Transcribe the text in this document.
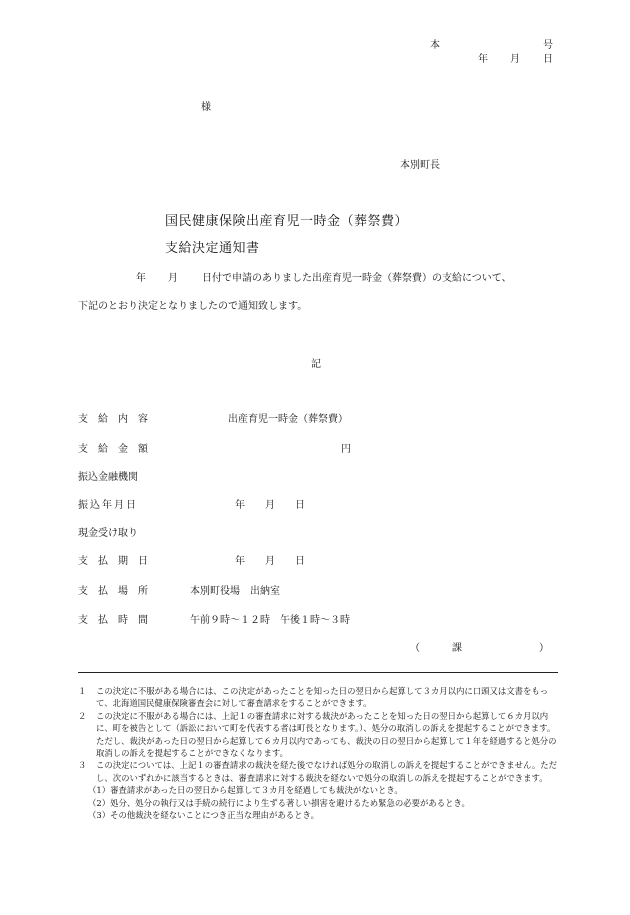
本	号
年 月 日
様
本別町長
国民健康保険出産育児一時金（葬祭費）
支給決定通知書
年 月 日付で申請のありました出産育児一時金（葬祭費）の支給について、
下記のとおり決定となりましたので通知致します。
記
支　給　内　容	出産育児一時金（葬祭費）
支　給　金　額	円
振込金融機関
振込年月日	年　　月　　日
現金受け取り
支　払　期　日	年　　月　　日
支　払　場　所	本別町役場　出納室
支　払　時　間	午前９時～１２時　午後１時～３時
（	課	）
１	この決定に不服がある場合には、この決定があったことを知った日の翌日から起算して３カ月以内に口頭又は文書をもって、北海道国民健康保険審査会に対して審査請求をすることができます。
２	この決定に不服がある場合には、上記１の審査請求に対する裁決があったことを知った日の翌日から起算して６カ月以内に、町を被告として（訴訟において町を代表する者は町長となります。）、処分の取消しの訴えを提起することができます。ただし、裁決があった日の翌日から起算して６カ月以内であっても、裁決の日の翌日から起算して１年を経過すると処分の取消しの訴えを提起することができなくなります。
３	この決定については、上記１の審査請求の裁決を経た後でなければ処分の取消しの訴えを提起することができません。ただし、次のいずれかに該当するときは、審査請求に対する裁決を経ないで処分の取消しの訴えを提起することができます。
（1） 審査請求があった日の翌日から起算して３カ月を経過しても裁決がないとき。
（2） 処分、処分の執行又は手続の続行により生ずる著しい損害を避けるため緊急の必要があるとき。
（3） その他裁決を経ないことにつき正当な理由があるとき。
